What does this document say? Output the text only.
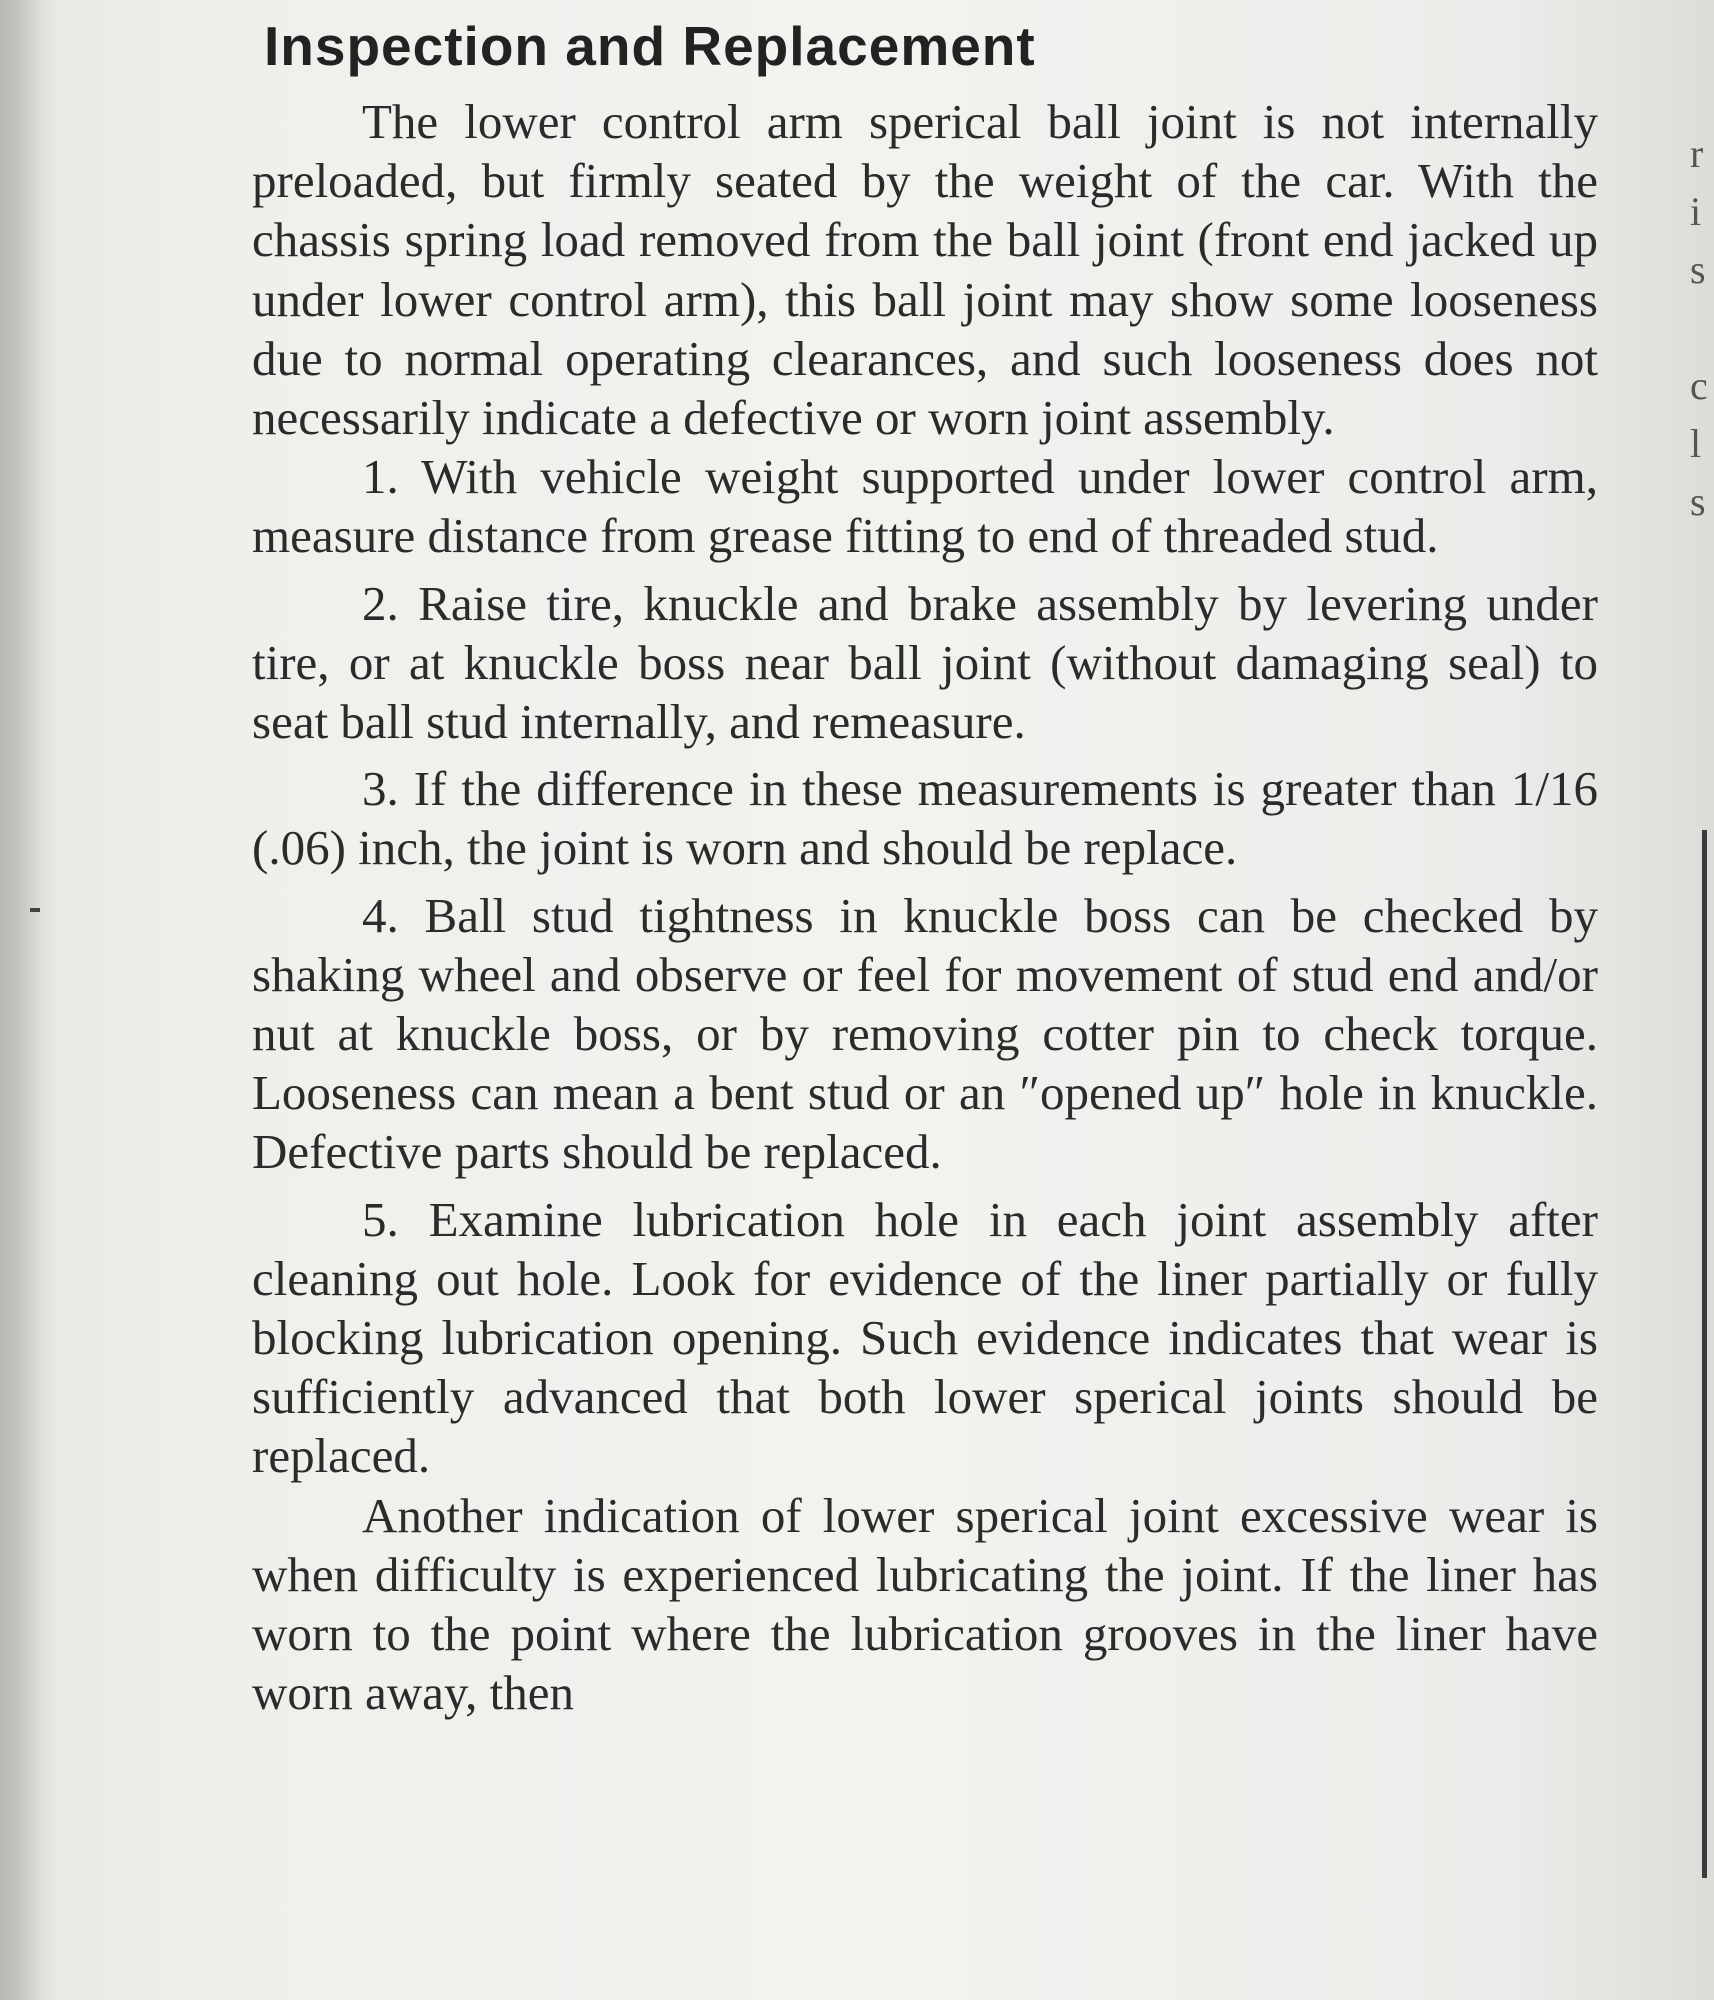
Inspection and Replacement

The lower control arm sperical ball joint is not internally preloaded, but firmly seated by the weight of the car. With the chassis spring load removed from the ball joint (front end jacked up under lower control arm), this ball joint may show some looseness due to normal operating clearances, and such looseness does not necessarily indicate a defective or worn joint assembly.

1. With vehicle weight supported under lower control arm, measure distance from grease fitting to end of threaded stud.

2. Raise tire, knuckle and brake assembly by levering under tire, or at knuckle boss near ball joint (without damaging seal) to seat ball stud internally, and remeasure.

3. If the difference in these measurements is greater than 1/16 (.06) inch, the joint is worn and should be replace.

4. Ball stud tightness in knuckle boss can be checked by shaking wheel and observe or feel for movement of stud end and/or nut at knuckle boss, or by removing cotter pin to check torque. Looseness can mean a bent stud or an ″opened up″ hole in knuckle. Defective parts should be replaced.

5. Examine lubrication hole in each joint assembly after cleaning out hole. Look for evidence of the liner partially or fully blocking lubrication opening. Such evidence indicates that wear is sufficiently advanced that both lower sperical joints should be replaced.

Another indication of lower sperical joint excessive wear is when difficulty is experienced lubricating the joint. If the liner has worn to the point where the lubrication grooves in the liner have worn away, then

r
i
s
c
l
s
